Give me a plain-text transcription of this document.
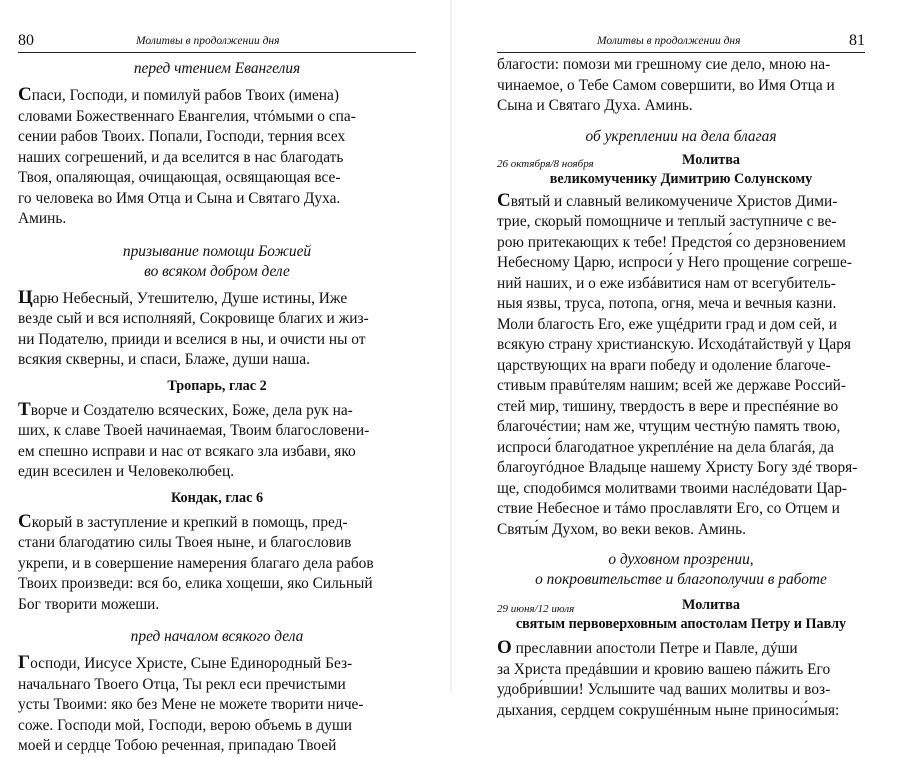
80	Молитвы в продолжении дня
перед чтением Евангелия

Спаси, Господи, и помилуй рабов Твоих (имена)
словами Божественнаго Евангелия, чтóмыми о спа-
сении рабов Твоих. Попали, Господи, терния всех
наших согрешений, и да вселится в нас благодать
Твоя, опаляющая, очищающая, освящающая все-
го человека во Имя Отца и Сына и Святаго Духа.
Аминь.

призывание помощи Божией
во всяком добром деле

Царю Небесный, Утешителю, Душе истины, Иже
везде сый и вся исполняяй, Сокровище благих и жиз-
ни Подателю, прииди и вселися в ны, и очисти ны от
всякия скверны, и спаси, Блаже, души наша.

Тропарь, глас 2

Творче и Создателю всяческих, Боже, дела рук на-
ших, к славе Твоей начинаемая, Твоим благословени-
ем спешно исправи и нас от всякаго зла избави, яко
един всесилен и Человеколюбец.

Кондак, глас 6

Скорый в заступление и крепкий в помощь, пред-
стани благодатию силы Твоея ныне, и благословив
укрепи, и в совершение намерения благаго дела рабов
Твоих произведи: вся бо, елика хощеши, яко Сильный
Бог творити можеши.

пред началом всякого дела

Господи, Иисусе Христе, Сыне Единородный Без-
начальнаго Твоего Отца, Ты рекл еси пречистыми
усты Твоими: яко без Мене не можете творити ниче-
соже. Господи мой, Господи, верою объемь в души
моей и сердце Тобою реченная, припадаю Твоей

Молитвы в продолжении дня	81

благости: помози ми грешному сие дело, мною на-
чинаемое, о Тебе Самом совершити, во Имя Отца и
Сына и Святаго Духа. Аминь.

об укреплении на дела благая
26 октября/8 ноября	Молитва
великомученику Димитрию Солунскому

Святый и славный великомучениче Христов Дими-
трие, скорый помощниче и теплый заступниче с ве-
рою притекающих к тебе! Предстоя́ со дерзновением
Небесному Царю, испроси́ у Него прощение согреше-
ний наших, и о еже избáвитися нам от всегубитель-
ныя язвы, труса, потопа, огня, меча и вечныя казни.
Моли благость Его, еже ущéдрити град и дом сей, и
всякую страну христианскую. Исходáтайствуй у Царя
царствующих на враги победу и одоление благоче-
стивым правúтелям нашим; всей же державе Россий-
стей мир, тишину, твердость в вере и преспéяние во
благочéстии; нам же, чтущим честнýю память твою,
испроси́ благодатное укреплéние на дела благáя, да
благоугóдное Владыце нашему Христу Богу здé творя-
ще, сподобимся молитвами твоими наслéдовати Цар-
ствие Небесное и тáмо прославляти Его, со Отцем и
Святы́м Духом, во веки веков. Аминь.

о духовном прозрении,
о покровительстве и благополучии в работе
29 июня/12 июля	Молитва
святым первоверховным апостолам Петру и Павлу

О преславнии апостоли Петре и Павле, дýши
за Христа предáвшии и кровию вашею пáжить Его
удобри́вшии! Услышите чад ваших молитвы и воз-
дыхания, сердцем сокрушéнным ныне приноси́мыя:
